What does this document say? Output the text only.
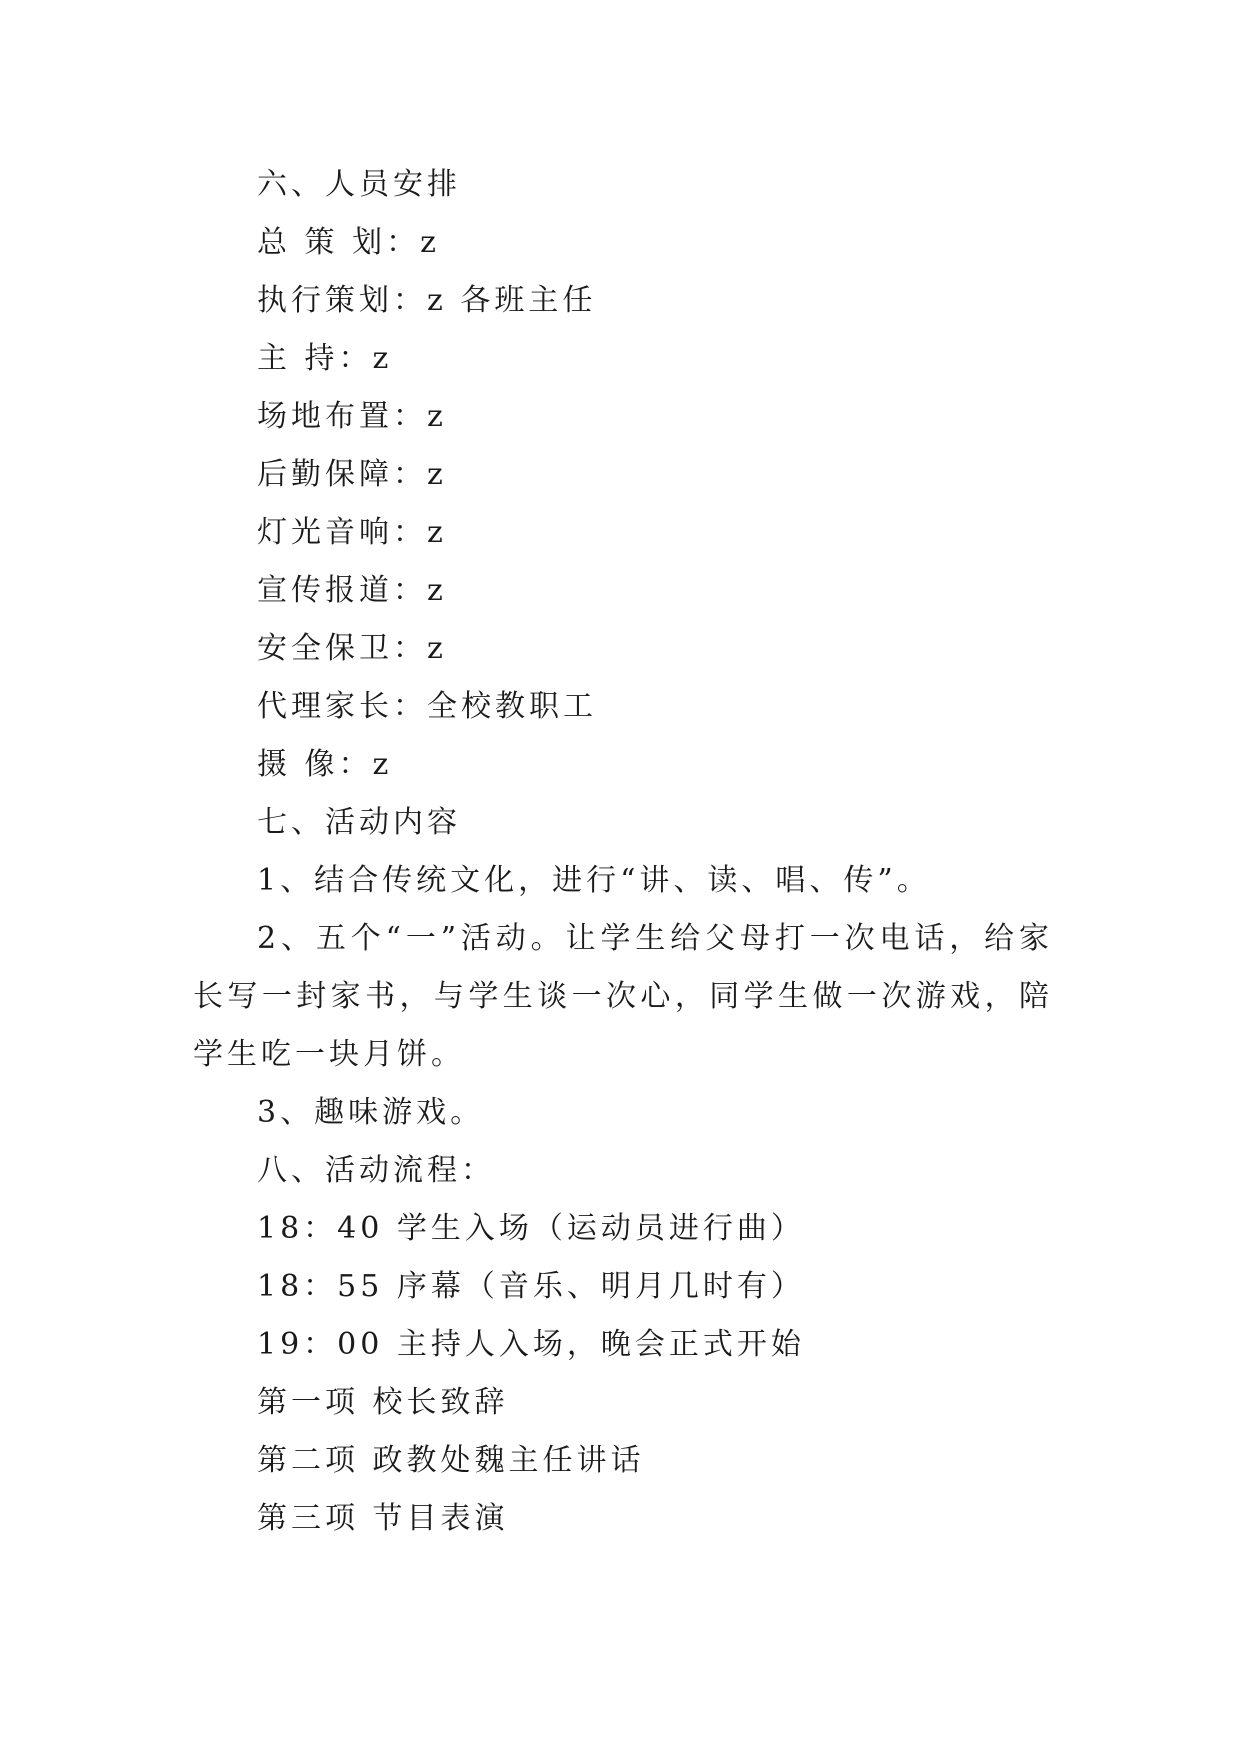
六、人员安排
总 策 划：z
执行策划：z 各班主任
主 持：z
场地布置：z
后勤保障：z
灯光音响：z
宣传报道：z
安全保卫：z
代理家长：全校教职工
摄 像：z
七、活动内容
1、结合传统文化，进行“讲、读、唱、传”。
2、五个“一”活动。让学生给父母打一次电话，给家长写一封家书，与学生谈一次心，同学生做一次游戏，陪学生吃一块月饼。
3、趣味游戏。
八、活动流程：
18：40 学生入场（运动员进行曲）
18：55 序幕（音乐、明月几时有）
19：00 主持人入场，晚会正式开始
第一项 校长致辞
第二项 政教处魏主任讲话
第三项 节目表演
